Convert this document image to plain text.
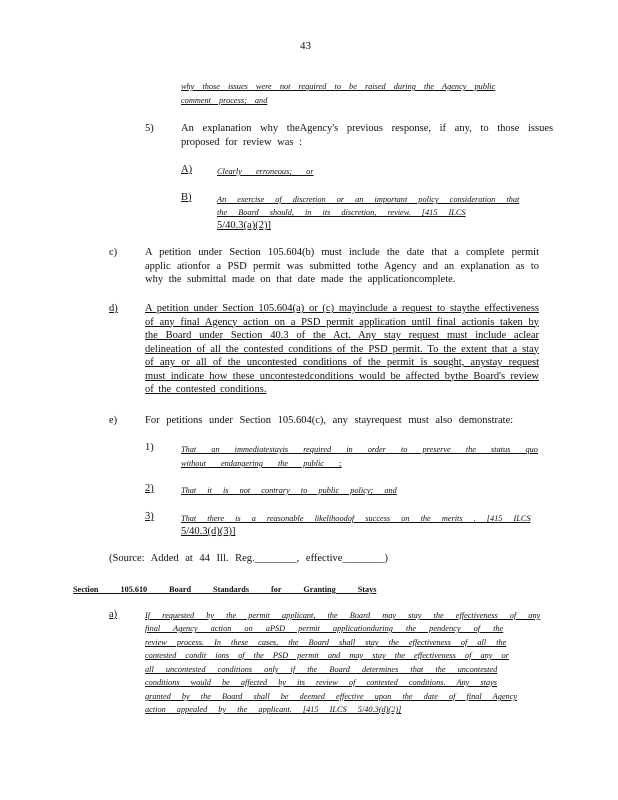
43

why those issues were not required to be raised during the Agency public

comment process; and

5)	An explanation why theAgency's previous response, if any, to those issues

proposed for review was :

A)	Clearly erroneous; or

B)	An exercise of discretion or an important policy consideration that

the Board should, in its discretion, review. [415 ILCS

5/40.3(a)(2)]

c)	A petition under Section 105.604(b) must include the date that a complete permit applic ationfor a PSD permit was submitted tothe Agency and an explanation as to why the submittal made on that date made the applicationcomplete.

d)	A petition under Section 105.604(a) or (c) mayinclude a request to staythe effectiveness of any final Agency action on a PSD permit application until final actionis taken by the Board under Section 40.3 of the Act. Any stay request must include aclear delineation of all the contested conditions of the PSD permit. To the extent that a stay of any or all of the uncontested conditions of the permit is sought, anystay request must indicate how these uncontestedconditions would be affected bythe Board's review of the contested conditions.

e)	For petitions under Section 105.604(c), any stayrequest must also demonstrate:

1)	That an immediatestayis required in order to preserve the status quo

without endangering the public ;

2)	That it is not contrary to public policy; and

3)	That there is a reasonable likelihoodof success on the merits . [415 ILCS

5/40.3(d)(3)]

(Source: Added at 44 Ill. Reg.________, effective________)

Section 105.610 Board Standards for Granting Stays

a)	If requested by the permit applicant, the Board may stay the effectiveness of any

final Agency action on aPSD permit applicationduring the pendency of the

review process. In these cases, the Board shall stay the effectiveness of all the

contested condit ions of the PSD permit and may stay the effectiveness of any or

all uncontested conditions only if the Board determines that the uncontested

conditions would be affected by its review of contested conditions. Any stays

granted by the Board shall be deemed effective upon the date of final Agency

action appealed by the applicant. [415 ILCS 5/40.3(d)(2)]
